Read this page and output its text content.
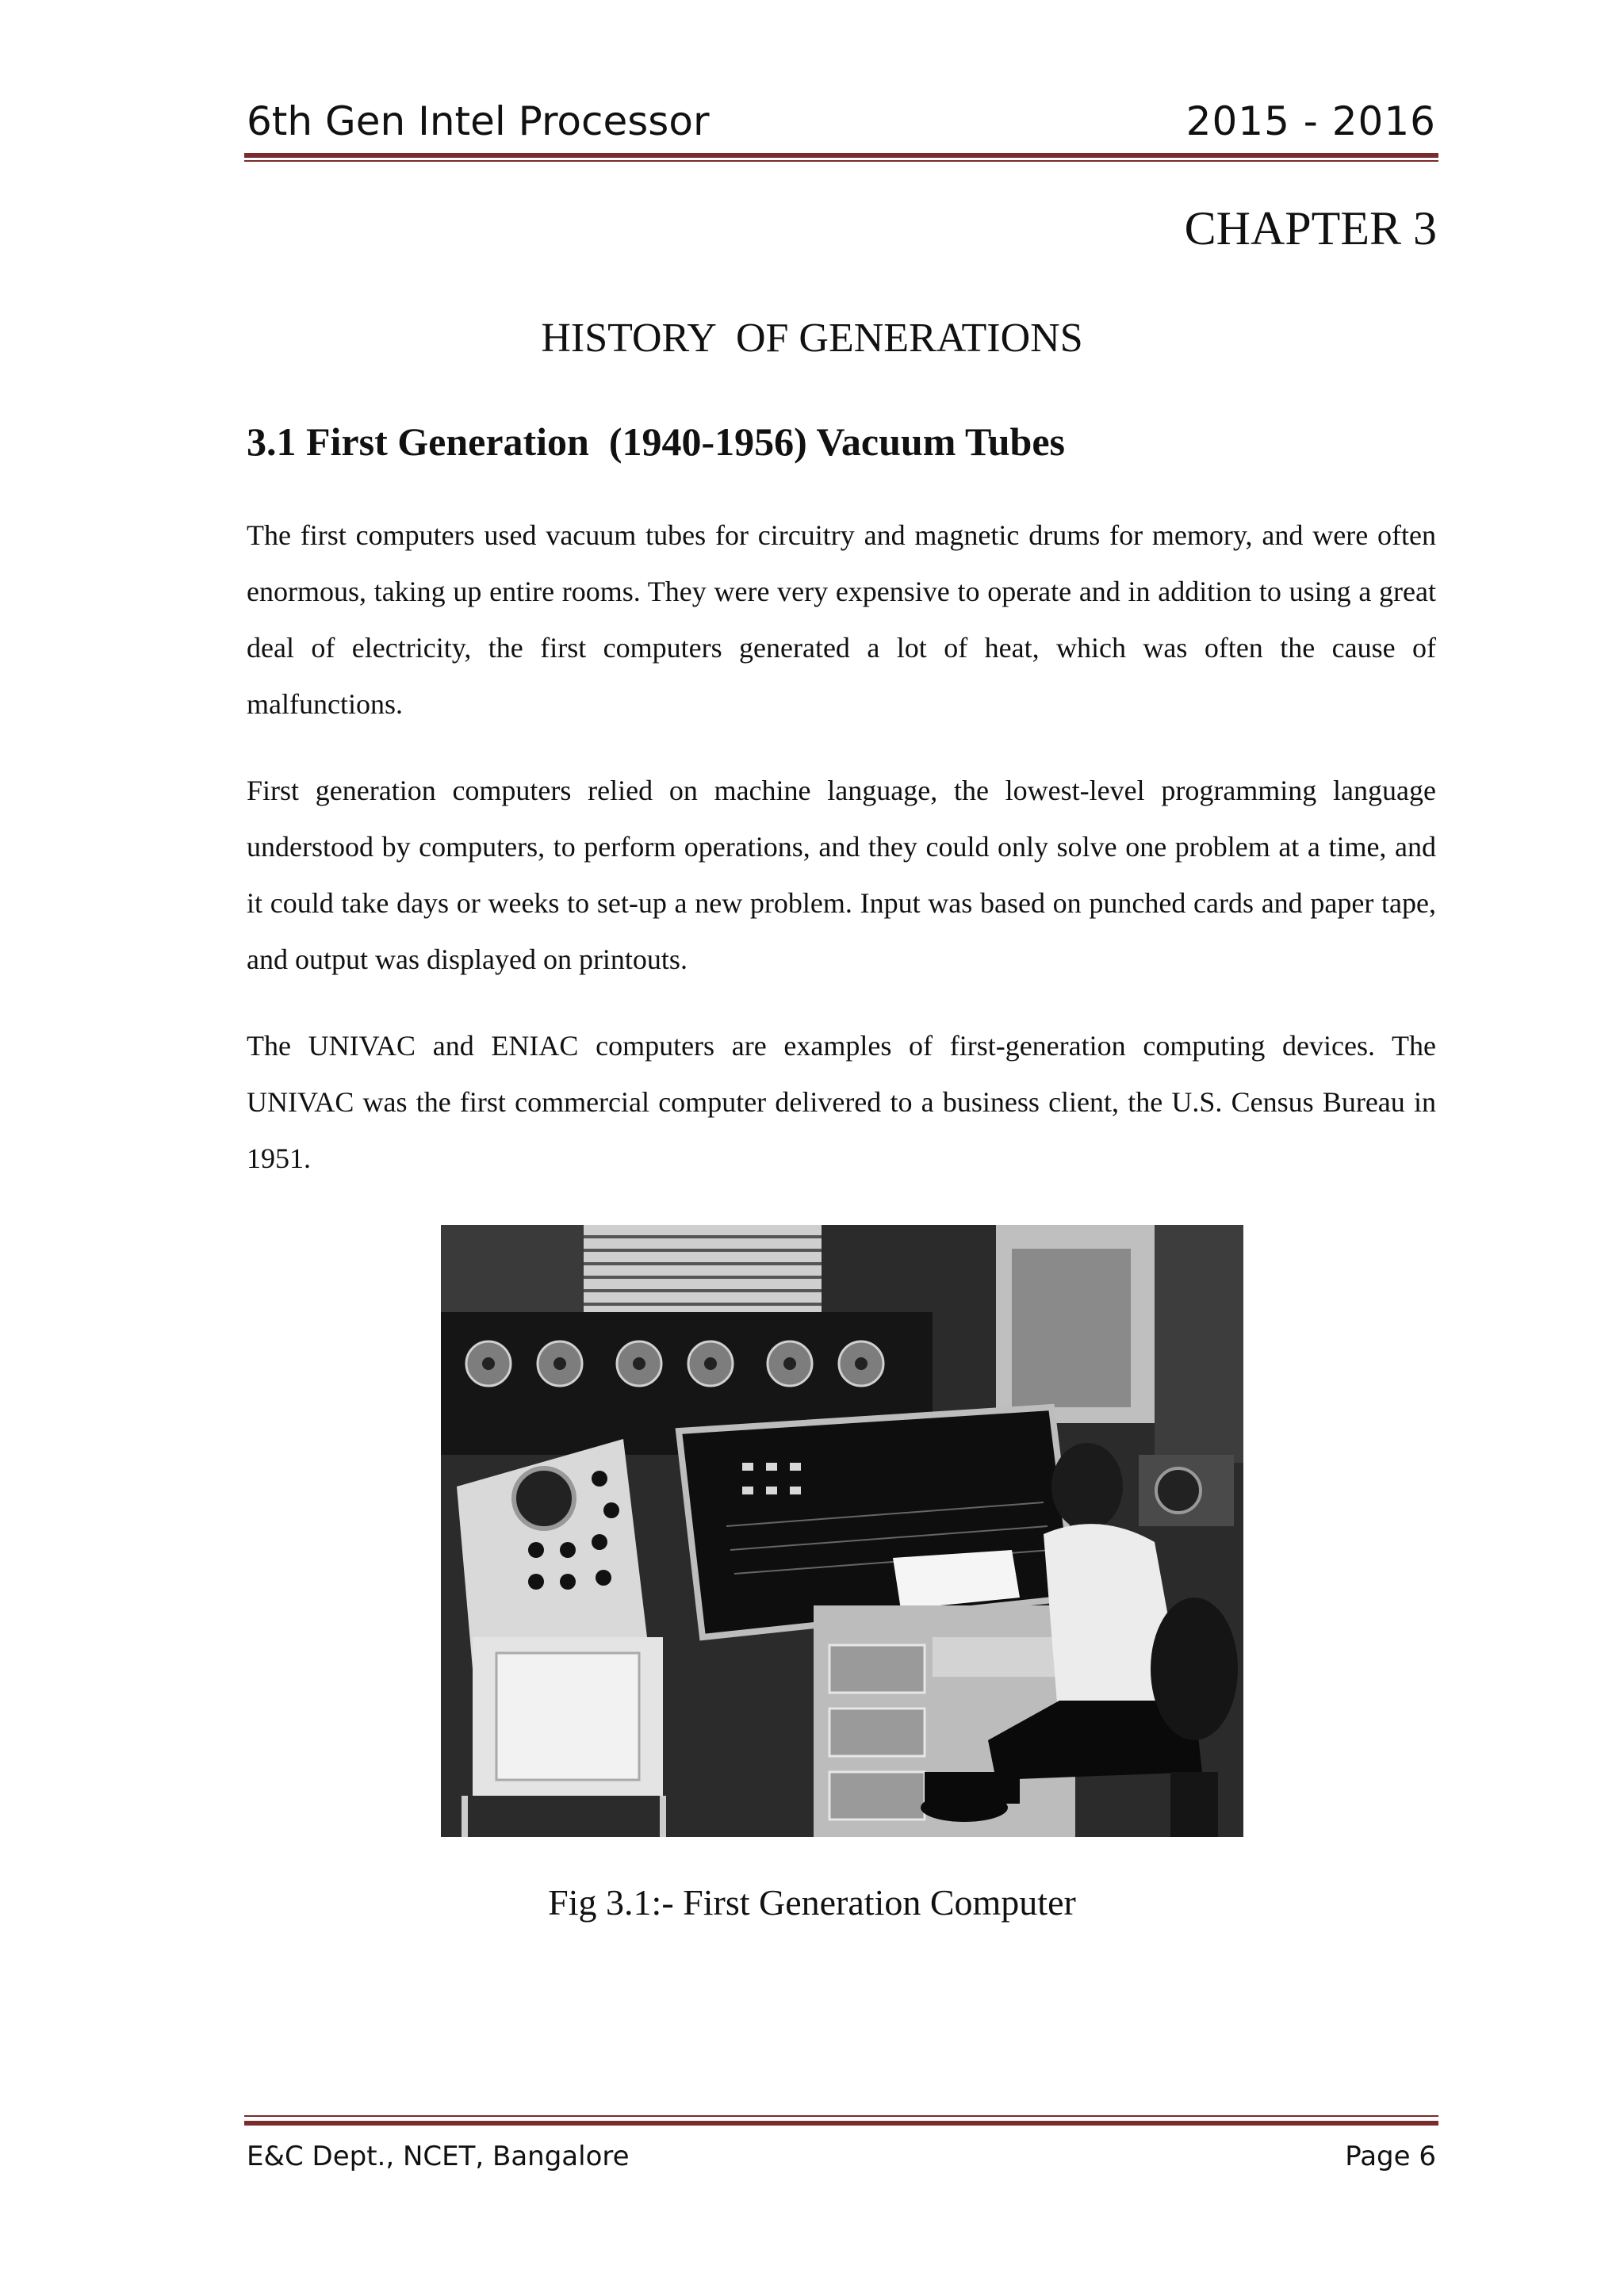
6th Gen Intel Processor	2015 - 2016
CHAPTER 3
HISTORY  OF GENERATIONS
3.1 First Generation  (1940-1956) Vacuum Tubes
The first computers used vacuum tubes for circuitry and magnetic drums for memory, and were often enormous, taking up entire rooms. They were very expensive to operate and in addition to using a great deal of electricity, the first computers generated a lot of heat, which was often the cause of malfunctions.
First generation computers relied on machine language, the lowest-level programming language understood by computers, to perform operations, and they could only solve one problem at a time, and it could take days or weeks to set-up a new problem. Input was based on punched cards and paper tape, and output was displayed on printouts.
The UNIVAC and ENIAC computers are examples of first-generation computing devices. The UNIVAC was the first commercial computer delivered to a business client, the U.S. Census Bureau in 1951.
Fig 3.1:- First Generation Computer
E&C Dept., NCET, Bangalore	Page 6
